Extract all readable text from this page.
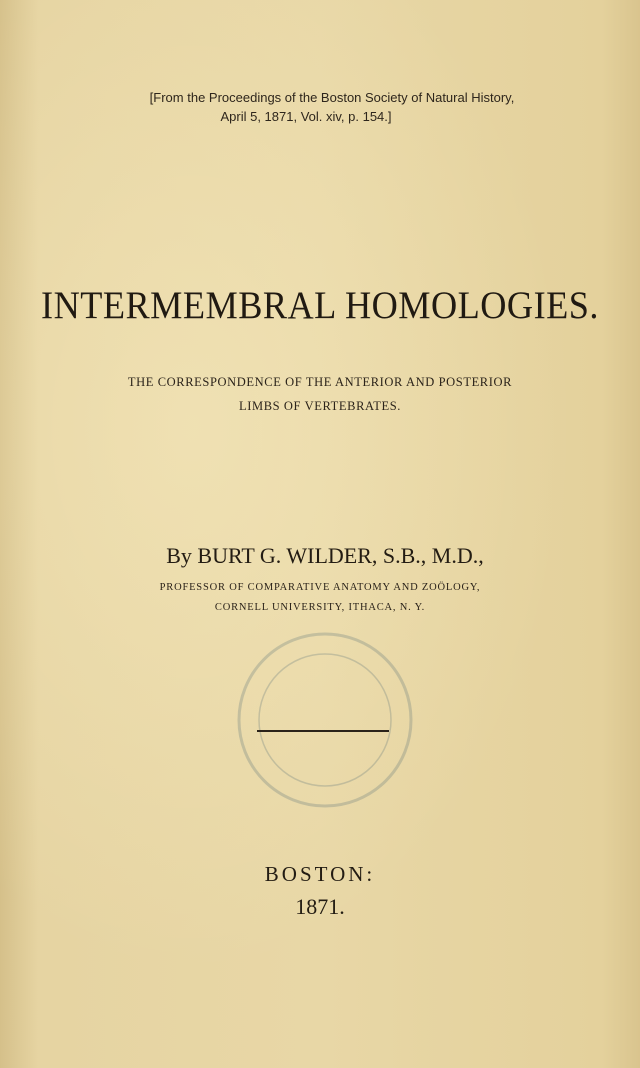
[From the Proceedings of the Boston Society of Natural History,
April 5, 1871, Vol. xiv, p. 154.]
INTERMEMBRAL HOMOLOGIES.
THE CORRESPONDENCE OF THE ANTERIOR AND POSTERIOR
LIMBS OF VERTEBRATES.
By BURT G. WILDER, S.B., M.D.,
PROFESSOR OF COMPARATIVE ANATOMY AND ZOÖLOGY,
CORNELL UNIVERSITY, ITHACA, N. Y.
BOSTON:
1871.
